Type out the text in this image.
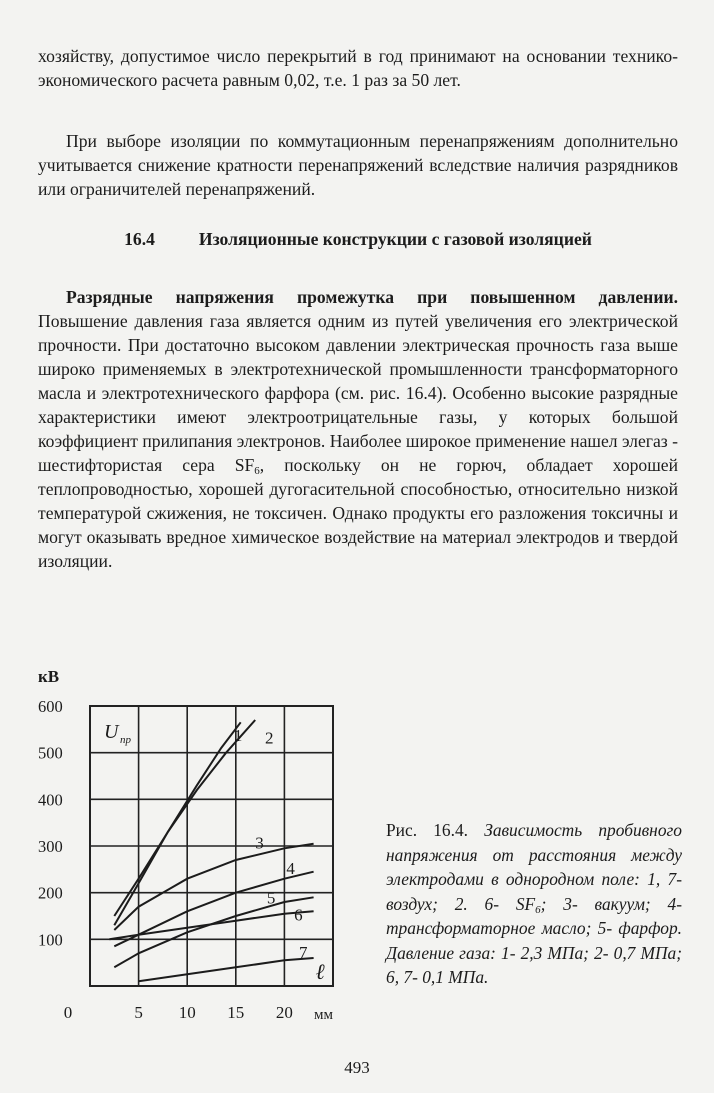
хозяйству, допустимое число перекрытий в год принимают на основании технико-экономического расчета равным 0,02, т.е. 1 раз за 50 лет.
При выборе изоляции по коммутационным перенапряжениям дополнительно учитывается снижение кратности перенапряжений вследствие наличия разрядников или ограничителей перенапряжений.
16.4	Изоляционные конструкции с газовой изоляцией
Разрядные напряжения промежутка при повышенном давлении. Повышение давления газа является одним из путей увеличения его электрической прочности. При достаточно высоком давлении электрическая прочность газа выше широко применяемых в электротехнической промышленности трансформаторного масла и электротехнического фарфора (см. рис. 16.4). Особенно высокие разрядные характеристики имеют электроотрицательные газы, у которых большой коэффициент прилипания электронов. Наиболее широкое применение нашел элегаз - шестифтористая сера $SF_6$, поскольку он не горюч, обладает хорошей теплопроводностью, хорошей дугогасительной способностью, относительно низкой температурой сжижения, не токсичен. Однако продукты его разложения токсичны и могут оказывать вредное химическое воздействие на материал электродов и твердой изоляции.
5 10 15 20
100
200
300
400
500
600
0
кВ
мм
U пр
ℓ
1 2
3
4
5
6
7
Рис. 16.4. Зависимость пробивного напряжения от расстояния между электродами в однородном поле: 1, 7- воздух; 2. 6- $SF_6$; 3- вакуум; 4- трансформаторное масло; 5- фарфор. Давление газа: 1- 2,3 МПа; 2- 0,7 МПа; 6, 7- 0,1 МПа.
493
